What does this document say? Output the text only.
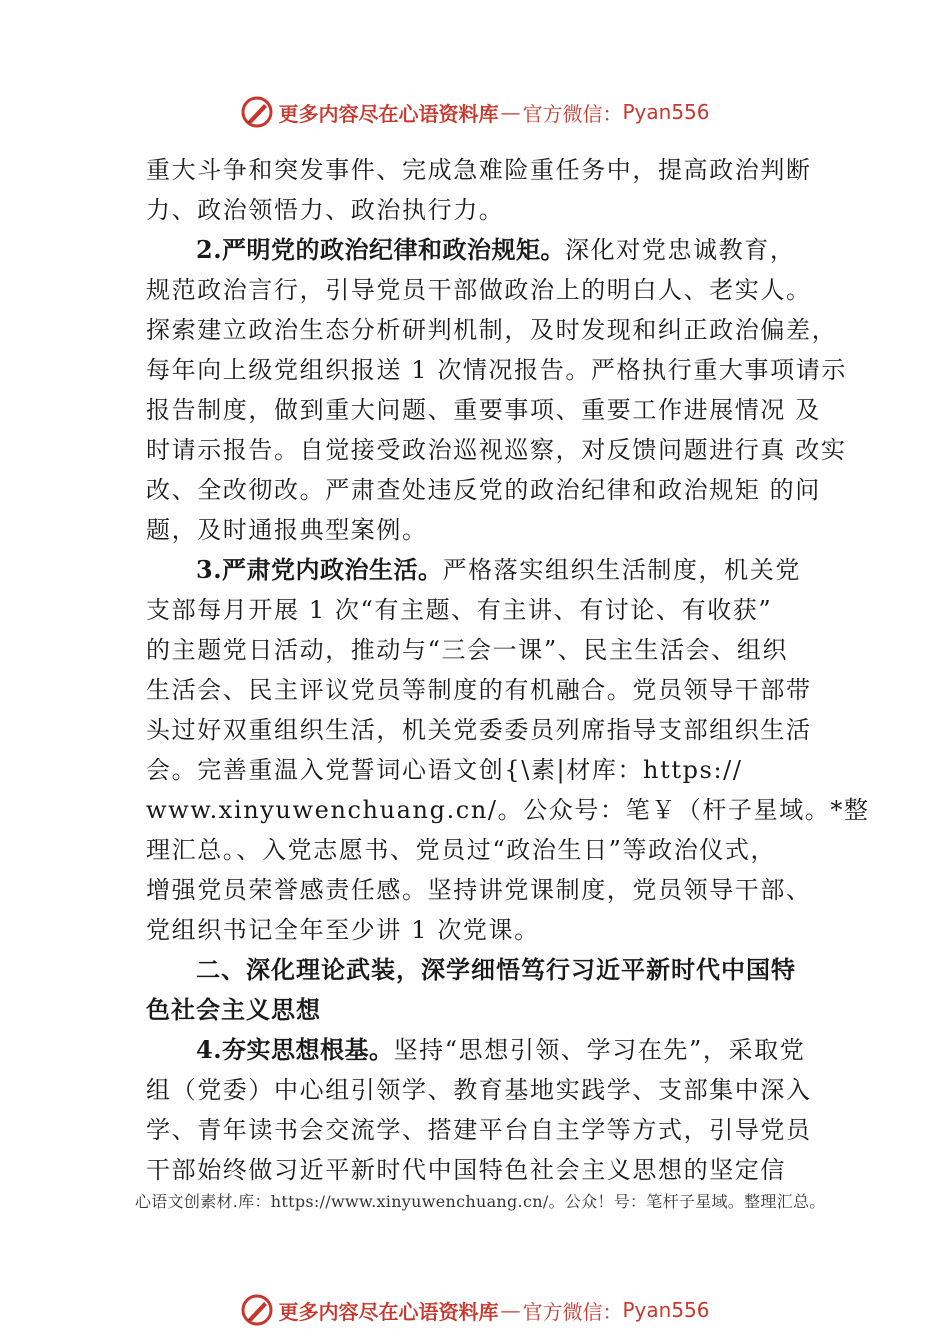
更多内容尽在心语资料库 — 官方微信： Pyan556
重大斗争和突发事件、完成急难险重任务中，提高政治判断
力、政治领悟力、政治执行力。
2.严明党的政治纪律和政治规矩。深化对党忠诚教育，
规范政治言行，引导党员干部做政治上的明白人、老实人。
探索建立政治生态分析研判机制，及时发现和纠正政治偏差，
每年向上级党组织报送 1 次情况报告。严格执行重大事项请示
报告制度，做到重大问题、重要事项、重要工作进展情况 及
时请示报告。自觉接受政治巡视巡察，对反馈问题进行真 改实
改、全改彻改。严肃查处违反党的政治纪律和政治规矩 的问
题，及时通报典型案例。
3.严肃党内政治生活。严格落实组织生活制度，机关党
支部每月开展 1 次“有主题、有主讲、有讨论、有收获”
的主题党日活动，推动与“三会一课”、民主生活会、组织
生活会、民主评议党员等制度的有机融合。党员领导干部带
头过好双重组织生活，机关党委委员列席指导支部组织生活
会。完善重温入党誓词心语文创{\素|材库：https://
www.xinyuwenchuang.cn/。公众号：笔￥（杆子星域。*整
理汇总。、入党志愿书、党员过“政治生日”等政治仪式，
增强党员荣誉感责任感。坚持讲党课制度，党员领导干部、
党组织书记全年至少讲 1 次党课。
二、深化理论武装，深学细悟笃行习近平新时代中国特
色社会主义思想
4.夯实思想根基。坚持“思想引领、学习在先”，采取党
组（党委）中心组引领学、教育基地实践学、支部集中深入
学、青年读书会交流学、搭建平台自主学等方式，引导党员
干部始终做习近平新时代中国特色社会主义思想的坚定信
心语文创素材.库：https://www.xinyuwenchuang.cn/。公众！号：笔杆子星域。整理汇总。
更多内容尽在心语资料库 — 官方微信： Pyan556
